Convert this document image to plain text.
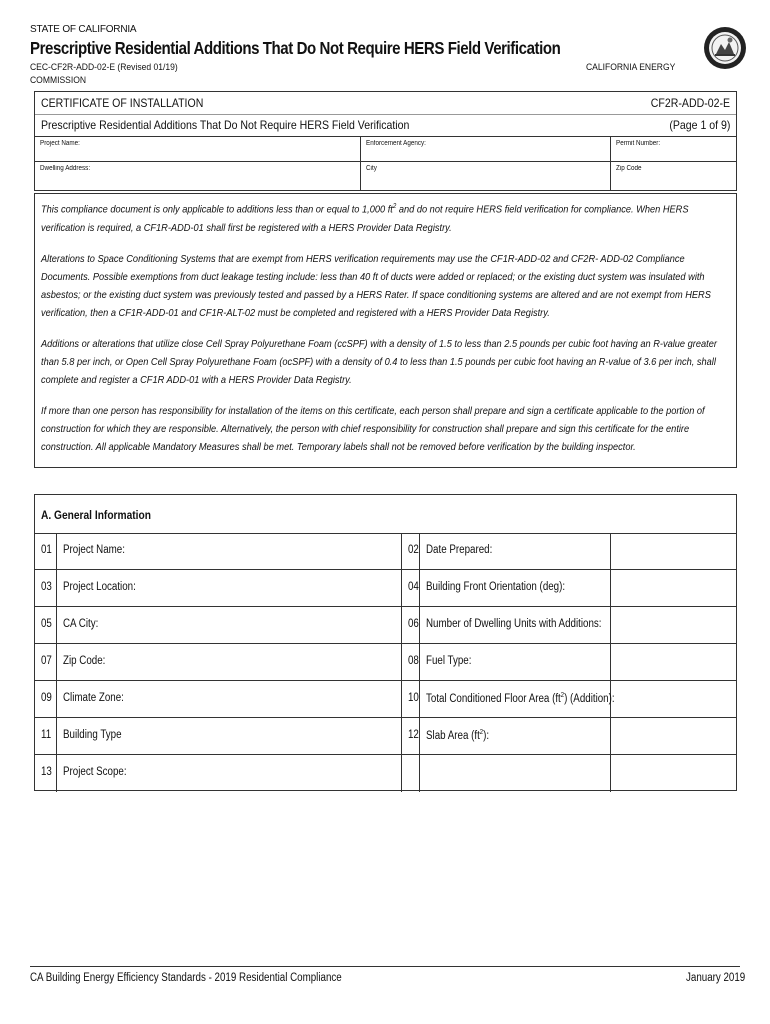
STATE OF CALIFORNIA
Prescriptive Residential Additions That Do Not Require HERS Field Verification
CEC-CF2R-ADD-02-E (Revised 01/19)
COMMISSION
CALIFORNIA ENERGY
CERTIFICATE OF INSTALLATION	CF2R-ADD-02-E
Prescriptive Residential Additions That Do Not Require HERS Field Verification	(Page 1 of 9)
Project Name:	Enforcement Agency:	Permit Number:
Dwelling Address:	City	Zip Code

This compliance document is only applicable to additions less than or equal to 1,000 $ft^2$ and do not require HERS field verification for compliance. When HERS verification is required, a CF1R-ADD-01 shall first be registered with a HERS Provider Data Registry.

Alterations to Space Conditioning Systems that are exempt from HERS verification requirements may use the CF1R-ADD-02 and CF2R- ADD-02 Compliance Documents. Possible exemptions from duct leakage testing include: less than 40 ft of ducts were added or replaced; or the existing duct system was insulated with asbestos; or the existing duct system was previously tested and passed by a HERS Rater. If space conditioning systems are altered and are not exempt from HERS verification, then a CF1R-ADD-01 and CF1R-ALT-02 must be completed and registered with a HERS Provider Data Registry.

Additions or alterations that utilize close Cell Spray Polyurethane Foam (ccSPF) with a density of 1.5 to less than 2.5 pounds per cubic foot having an R-value greater than 5.8 per inch, or Open Cell Spray Polyurethane Foam (ocSPF) with a density of 0.4 to less than 1.5 pounds per cubic foot having an R-value of 3.6 per inch, shall complete and register a CF1R ADD-01 with a HERS Provider Data Registry.

If more than one person has responsibility for installation of the items on this certificate, each person shall prepare and sign a certificate applicable to the portion of construction for which they are responsible. Alternatively, the person with chief responsibility for construction shall prepare and sign this certificate for the entire construction. All applicable Mandatory Measures shall be met. Temporary labels shall not be removed before verification by the building inspector.

A. General Information
01 Project Name:	02 Date Prepared:
03 Project Location:	04 Building Front Orientation (deg):
05 CA City:	06 Number of Dwelling Units with Additions:
07 Zip Code:	08 Fuel Type:
09 Climate Zone:	10 Total Conditioned Floor Area $(ft^2)$ (Addition):
11 Building Type	12 Slab Area $(ft^2)$:
13 Project Scope:
CA Building Energy Efficiency Standards - 2019 Residential Compliance	January 2019
